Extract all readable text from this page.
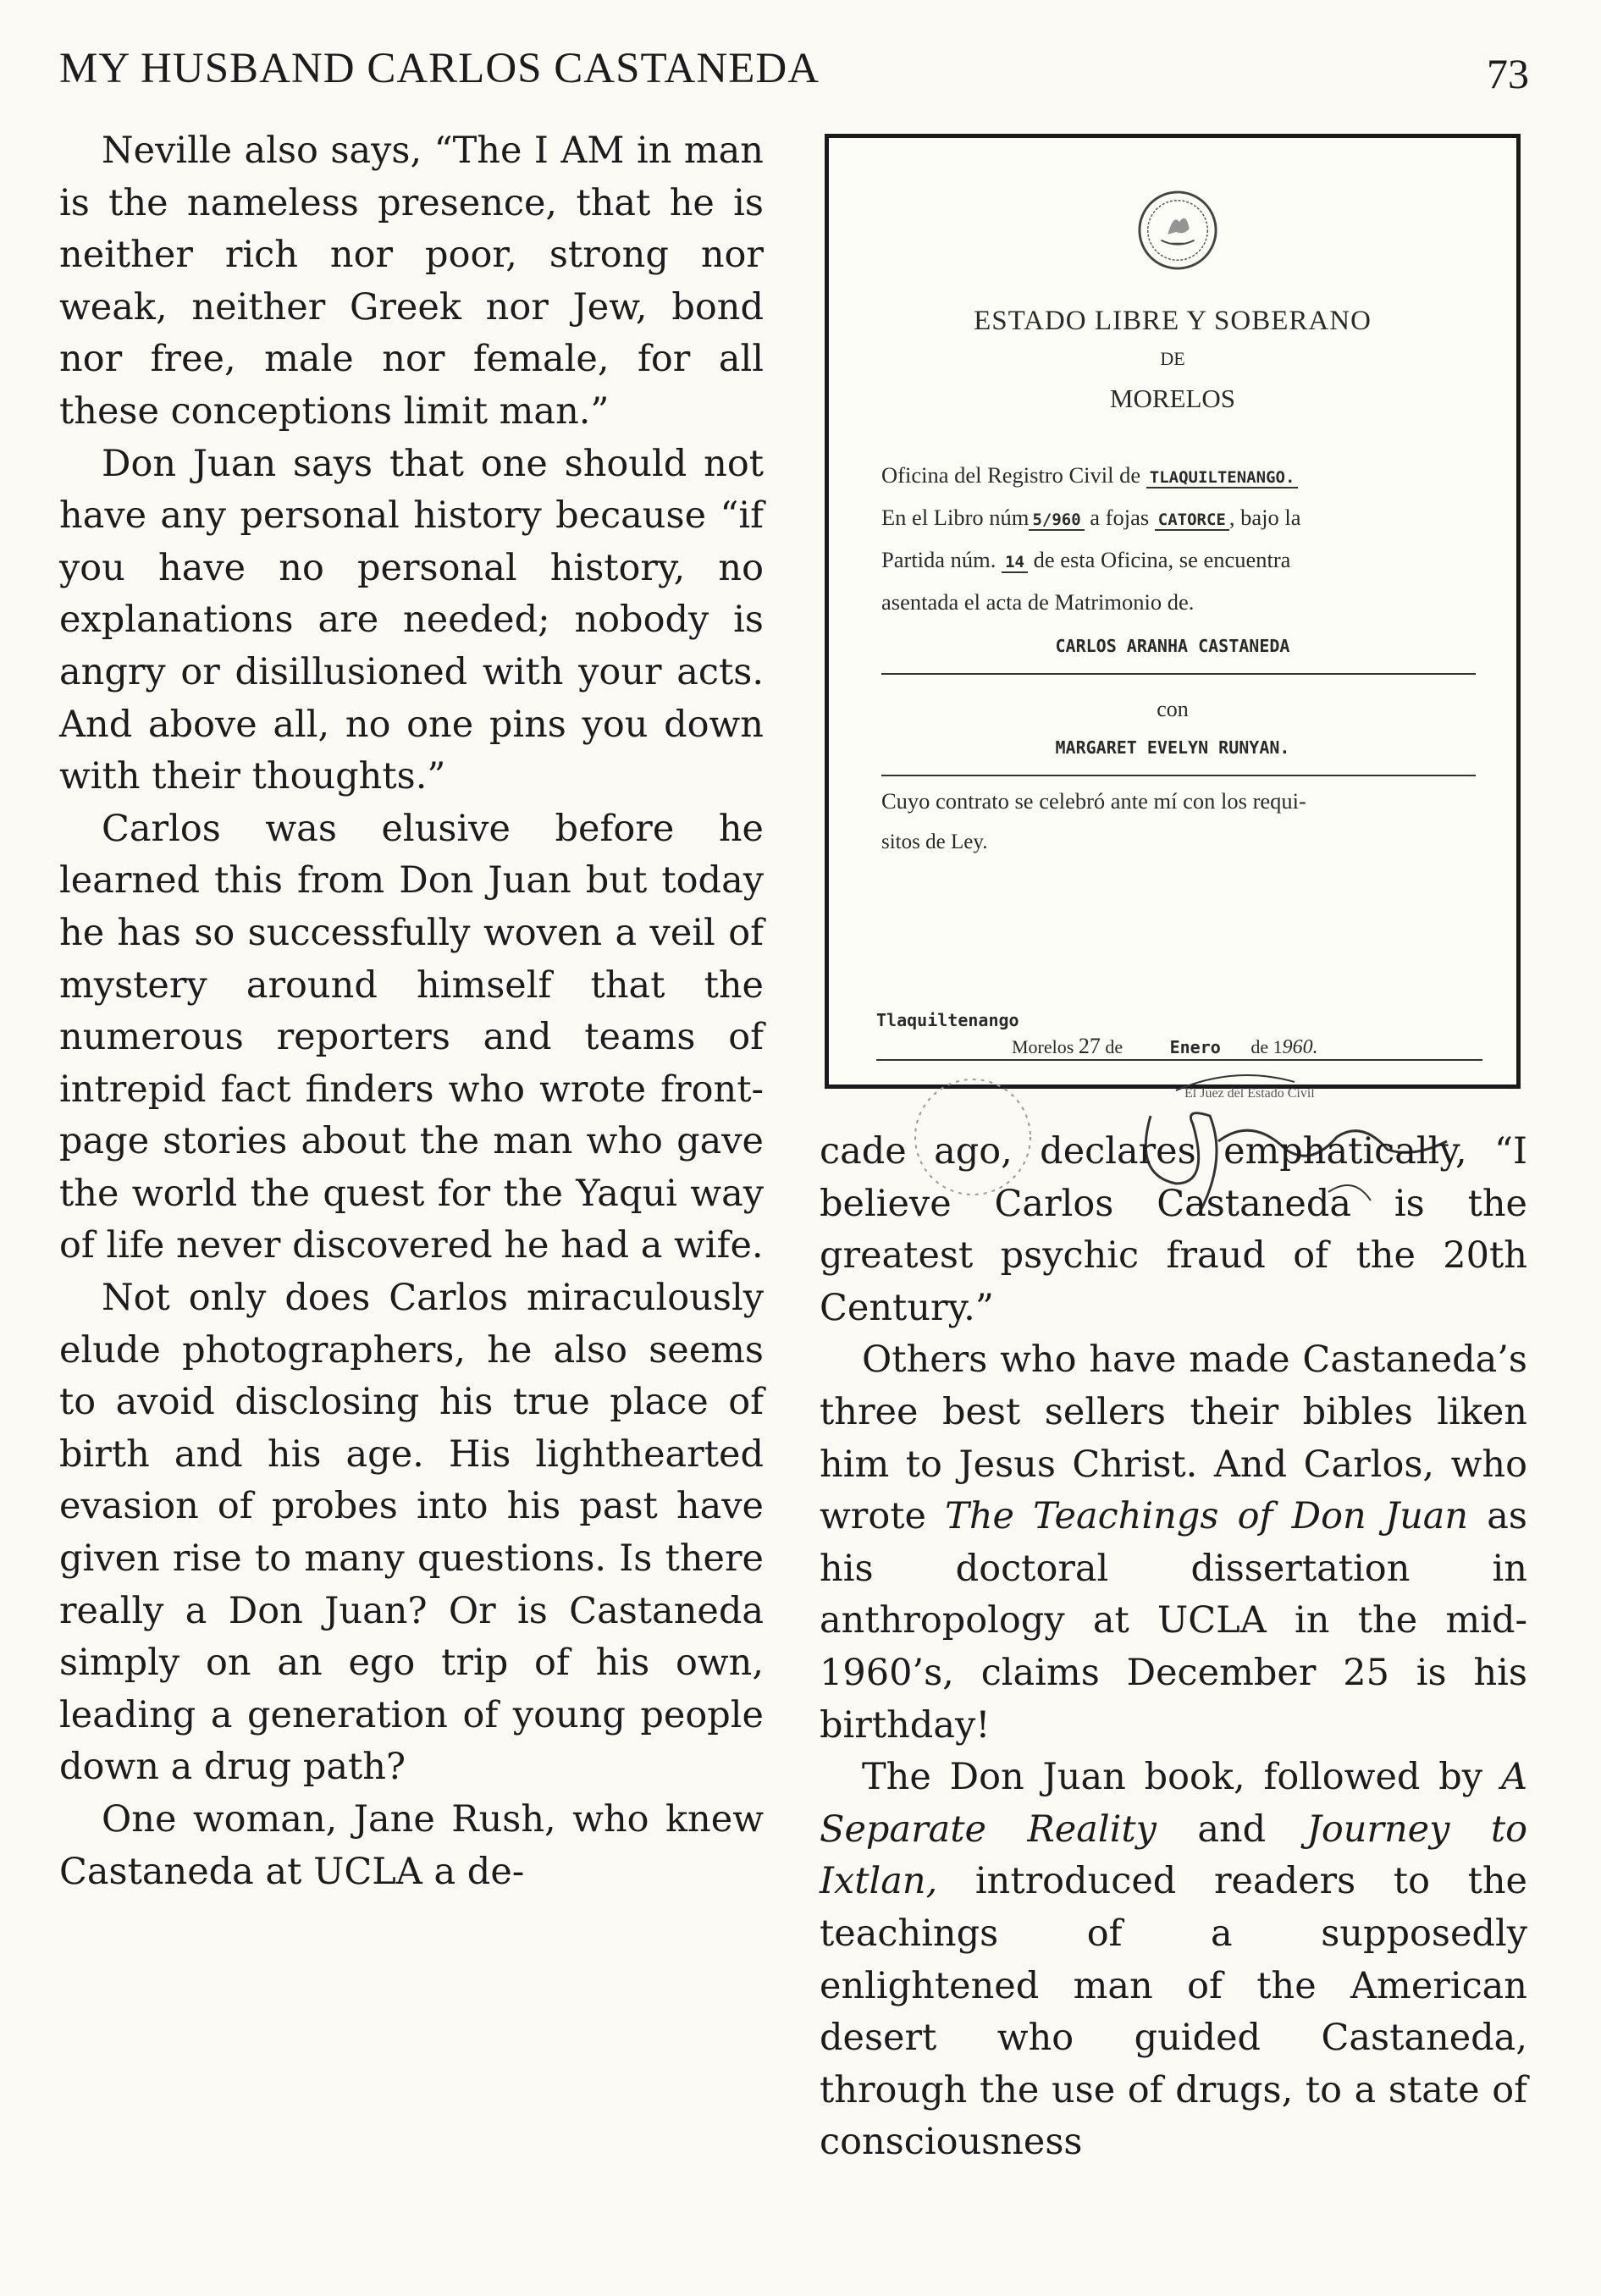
MY HUSBAND CARLOS CASTANEDA	73

Neville also says, “The I AM in man is the nameless presence, that he is neither rich nor poor, strong nor weak, neither Greek nor Jew, bond nor free, male nor female, for all these conceptions limit man.”

Don Juan says that one should not have any personal history because “if you have no personal history, no explanations are needed; nobody is angry or disillusioned with your acts. And above all, no one pins you down with their thoughts.”

Carlos was elusive before he learned this from Don Juan but today he has so successfully woven a veil of mystery around himself that the numerous reporters and teams of intrepid fact finders who wrote front-page stories about the man who gave the world the quest for the Yaqui way of life never discovered he had a wife.

Not only does Carlos miraculously elude photographers, he also seems to avoid disclosing his true place of birth and his age. His lighthearted evasion of probes into his past have given rise to many questions. Is there really a Don Juan? Or is Castaneda simply on an ego trip of his own, leading a generation of young people down a drug path?

One woman, Jane Rush, who knew Castaneda at UCLA a de-

ESTADO LIBRE Y SOBERANO
DE
MORELOS
Oficina del Registro Civil de TLAQUILTENANGO.
En el Libro núm 5/960 a fojas CATORCE , bajo la
Partida núm. 14 de esta Oficina, se encuentra
asentada el acta de Matrimonio de.
CARLOS ARANHA CASTANEDA
con
MARGARET EVELYN RUNYAN.
Cuyo contrato se celebró ante mí con los requi-
sitos de Ley.
Tlaquiltenango
Morelos 27 de	Enero de 1960.
El Juez del Estado Civil

cade ago, declares emphatically, “I believe Carlos Castaneda is the greatest psychic fraud of the 20th Century.”

Others who have made Castaneda’s three best sellers their bibles liken him to Jesus Christ. And Carlos, who wrote The Teachings of Don Juan as his doctoral dissertation in anthropology at UCLA in the mid-1960’s, claims December 25 is his birthday!

The Don Juan book, followed by A Separate Reality and Journey to Ixtlan, introduced readers to the teachings of a supposedly enlightened man of the American desert who guided Castaneda, through the use of drugs, to a state of consciousness
